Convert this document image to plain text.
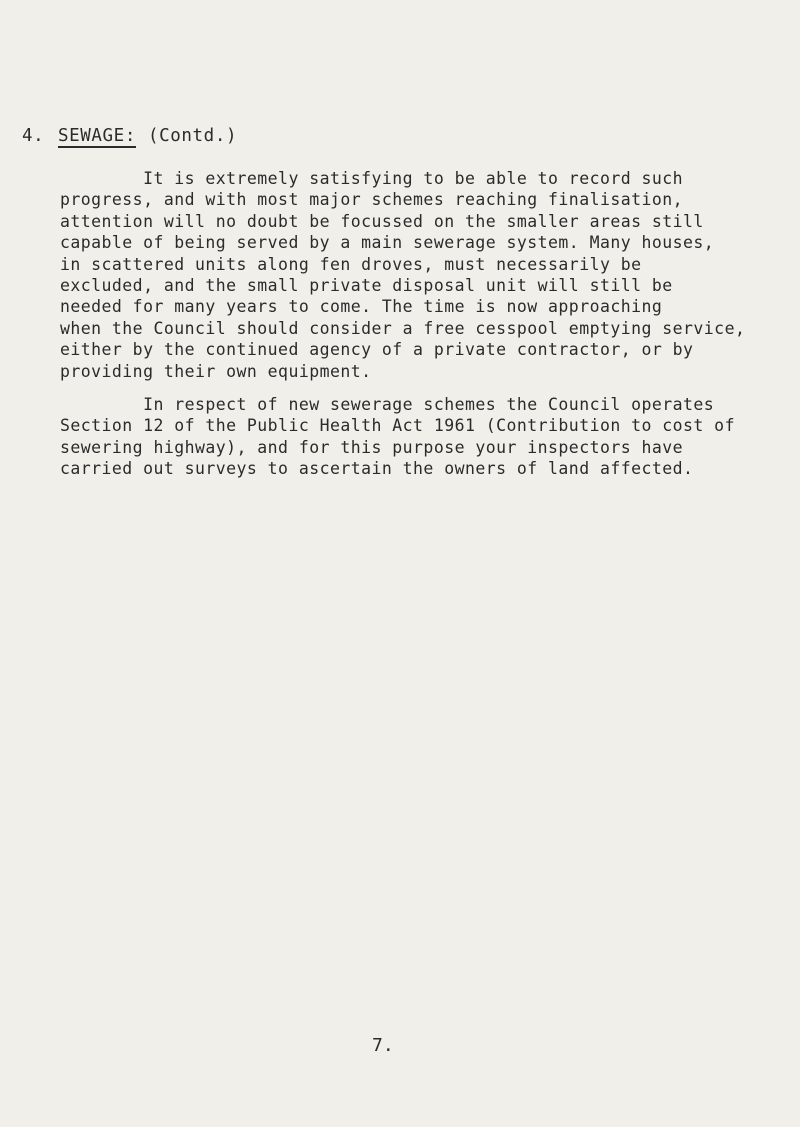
4.

SEWAGE:

(Contd.)

It is extremely satisfying to be able to record such
progress, and with most major schemes reaching finalisation,
attention will no doubt be focussed on the smaller areas still
capable of being served by a main sewerage system. Many houses,
in scattered units along fen droves, must necessarily be
excluded, and the small private disposal unit will still be
needed for many years to come. The time is now approaching
when the Council should consider a free cesspool emptying service,
either by the continued agency of a private contractor, or by
providing their own equipment.
In respect of new sewerage schemes the Council operates
Section 12 of the Public Health Act 1961 (Contribution to cost of
sewering highway), and for this purpose your inspectors have
carried out surveys to ascertain the owners of land affected.
7.
